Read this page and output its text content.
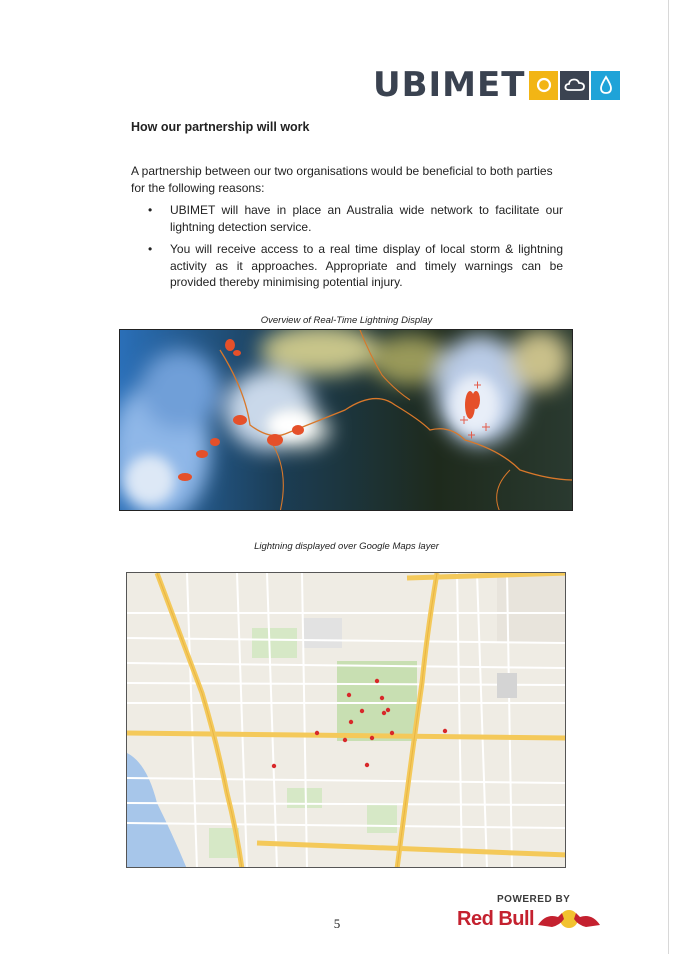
UBIMET
How our partnership will work
A partnership between our two organisations would be beneficial to both parties for the following reasons:
• UBIMET will have in place an Australia wide network to facilitate our lightning detection service.
• You will receive access to a real time display of local storm & lightning activity as it approaches. Appropriate and timely warnings can be provided thereby minimising potential injury.
Overview of Real-Time Lightning Display
Lightning displayed over Google Maps layer
5
POWERED BY
Red Bull
